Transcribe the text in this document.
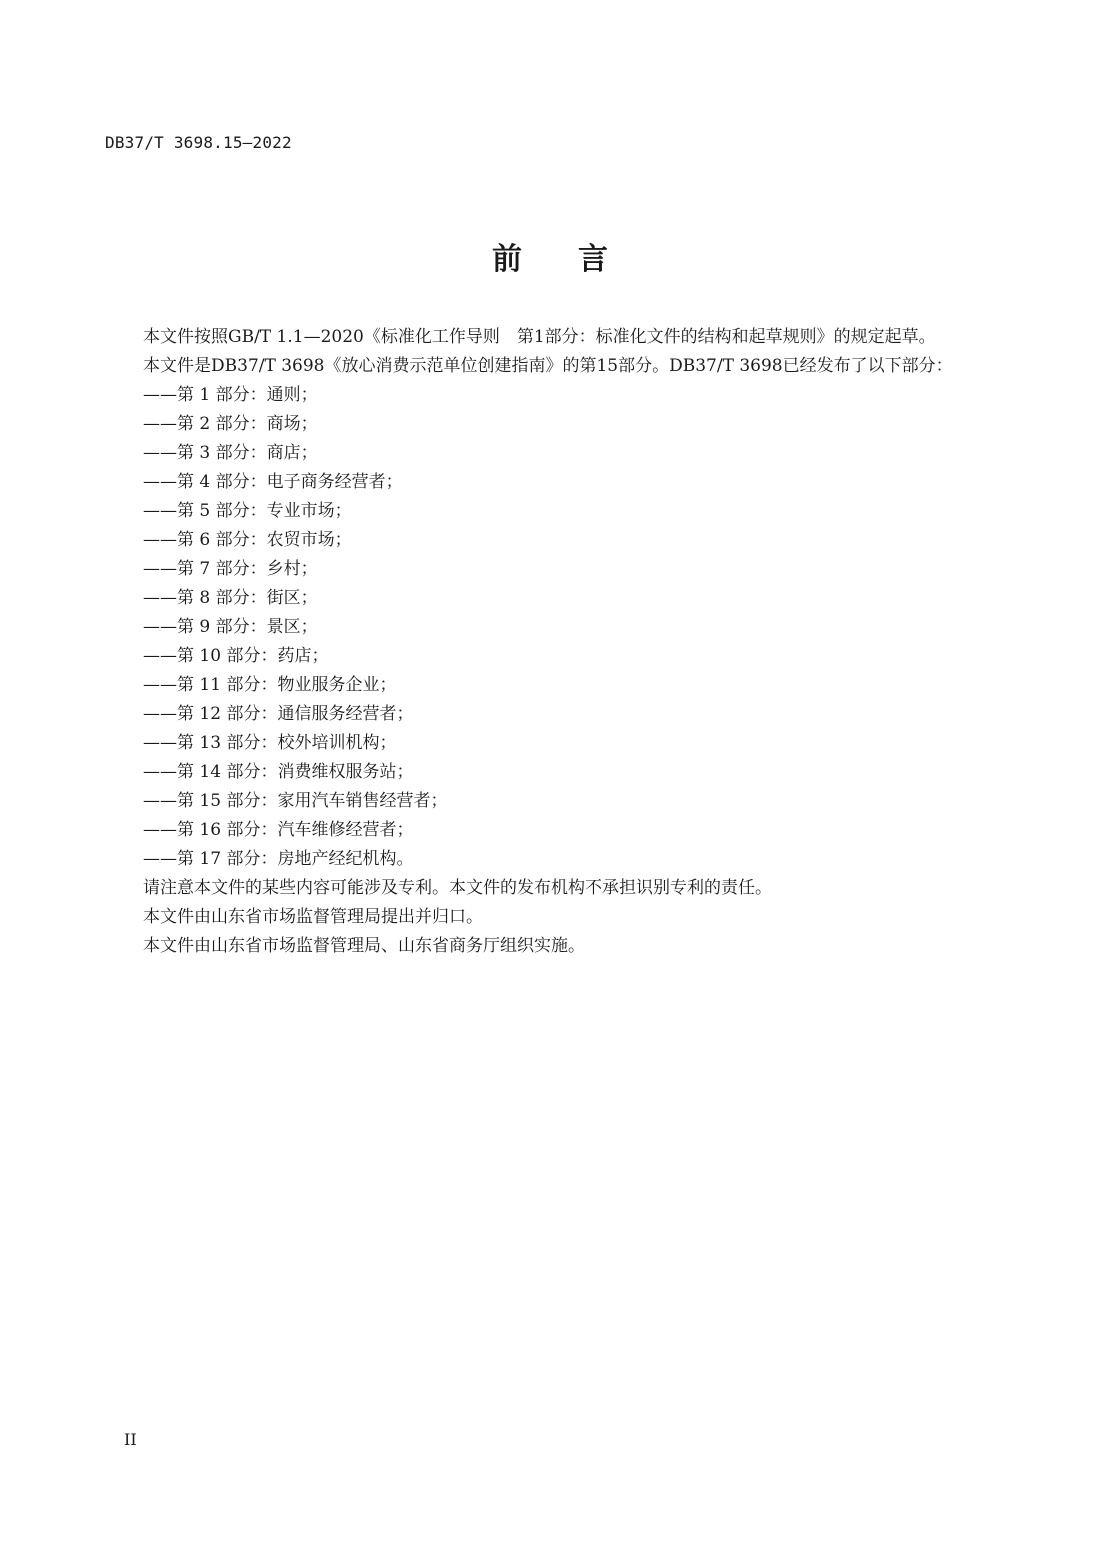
DB37/T 3698.15—2022
前 言

本文件按照GB/T 1.1—2020《标准化工作导则　第1部分：标准化文件的结构和起草规则》的规定起草。

本文件是DB37/T 3698《放心消费示范单位创建指南》的第15部分。DB37/T 3698已经发布了以下部分：

——第 1 部分：通则；
——第 2 部分：商场；
——第 3 部分：商店；
——第 4 部分：电子商务经营者；
——第 5 部分：专业市场；
——第 6 部分：农贸市场；
——第 7 部分：乡村；
——第 8 部分：街区；
——第 9 部分：景区；
——第 10 部分：药店；
——第 11 部分：物业服务企业；
——第 12 部分：通信服务经营者；
——第 13 部分：校外培训机构；
——第 14 部分：消费维权服务站；
——第 15 部分：家用汽车销售经营者；
——第 16 部分：汽车维修经营者；
——第 17 部分：房地产经纪机构。

请注意本文件的某些内容可能涉及专利。本文件的发布机构不承担识别专利的责任。

本文件由山东省市场监督管理局提出并归口。

本文件由山东省市场监督管理局、山东省商务厅组织实施。

II
